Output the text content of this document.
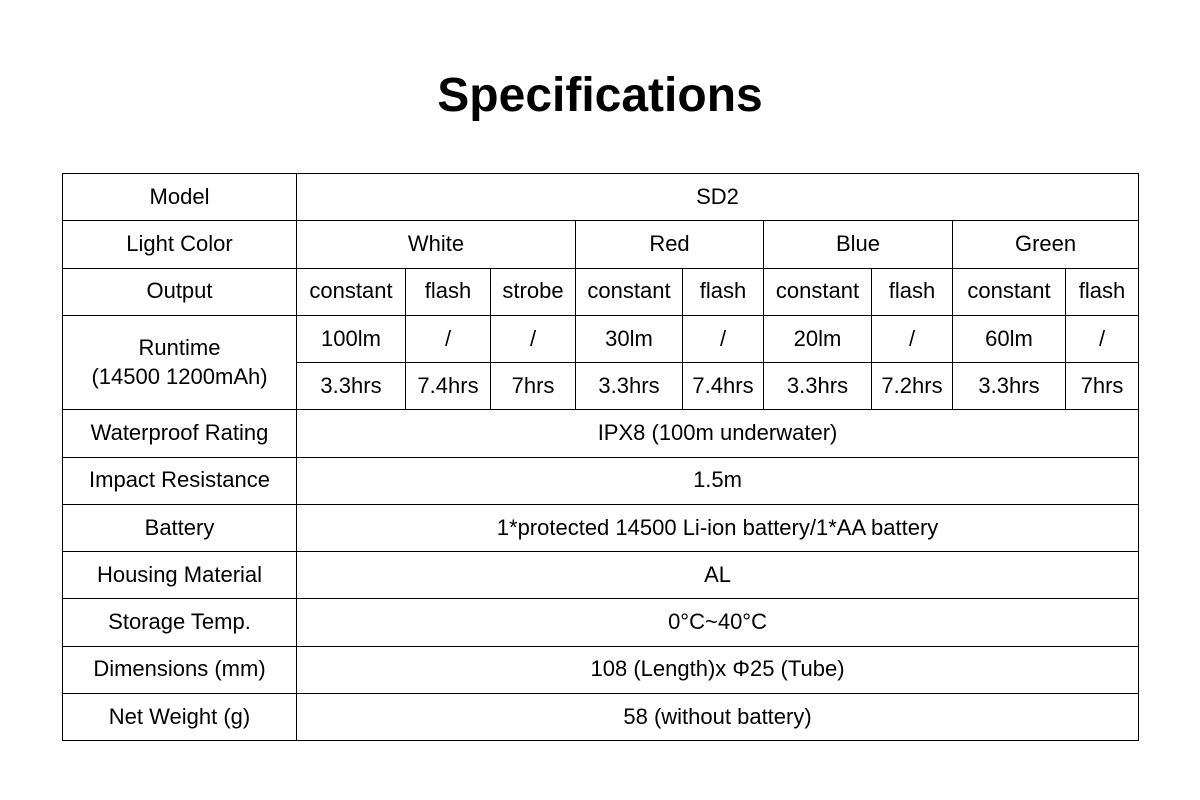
Specifications
Model	SD2								
Light Color	White			Red		Blue		Green	
Output	constant	flash	strobe	constant	flash	constant	flash	constant	flash

Runtime
(14500 1200mAh)	100lm	/	/	30lm	/	20lm	/	60lm	/
	3.3hrs	7.4hrs	7hrs	3.3hrs	7.4hrs	3.3hrs	7.2hrs	3.3hrs	7hrs
Waterproof Rating	IPX8 (100m underwater)								
Impact Resistance	1.5m								
Battery	1*protected 14500 Li-ion battery/1*AA battery								
Housing Material	AL								
Storage Temp.	0°C~40°C								
Dimensions (mm)	108 (Length)x Φ25 (Tube)								
Net Weight (g)	58 (without battery)								
